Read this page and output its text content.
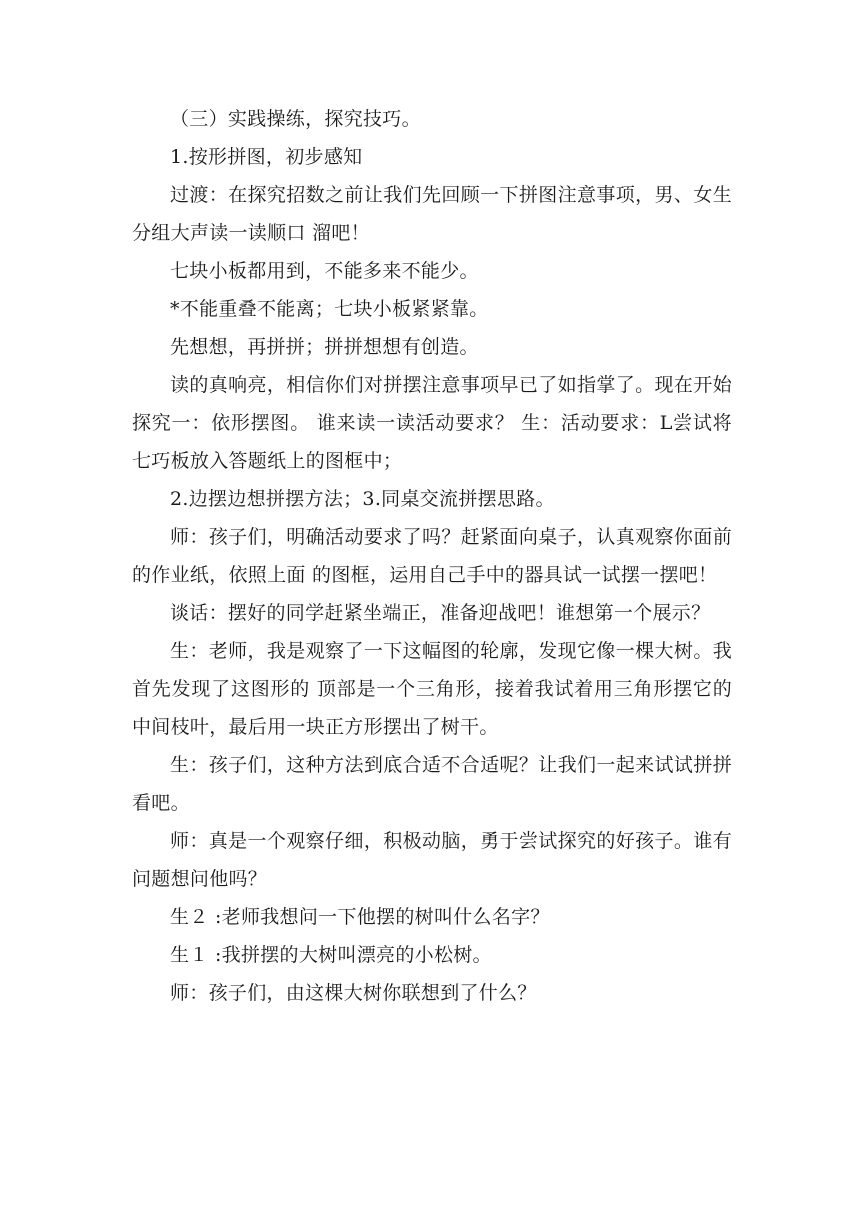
（三）实践操练，探究技巧。

1.按形拼图，初步感知

过渡：在探究招数之前让我们先回顾一下拼图注意事项，男、女生分组大声读一读顺口 溜吧！

七块小板都用到，不能多来不能少。

*不能重叠不能离；七块小板紧紧靠。

先想想，再拼拼；拼拼想想有创造。

读的真响亮，相信你们对拼摆注意事项早已了如指掌了。现在开始探究一：依形摆图。 谁来读一读活动要求？ 生：活动要求：L尝试将七巧板放入答题纸上的图框中；

2.边摆边想拼摆方法；3.同桌交流拼摆思路。

师：孩子们，明确活动要求了吗？赶紧面向桌子，认真观察你面前的作业纸，依照上面 的图框，运用自己手中的器具试一试摆一摆吧！

谈话：摆好的同学赶紧坐端正，准备迎战吧！谁想第一个展示？

生：老师，我是观察了一下这幅图的轮廓，发现它像一棵大树。我首先发现了这图形的 顶部是一个三角形，接着我试着用三角形摆它的中间枝叶，最后用一块正方形摆出了树干。

生：孩子们，这种方法到底合适不合适呢？让我们一起来试试拼拼看吧。

师：真是一个观察仔细，积极动脑，勇于尝试探究的好孩子。谁有问题想问他吗？

生２ :老师我想问一下他摆的树叫什么名字？

生１ :我拼摆的大树叫漂亮的小松树。

师：孩子们，由这棵大树你联想到了什么？
